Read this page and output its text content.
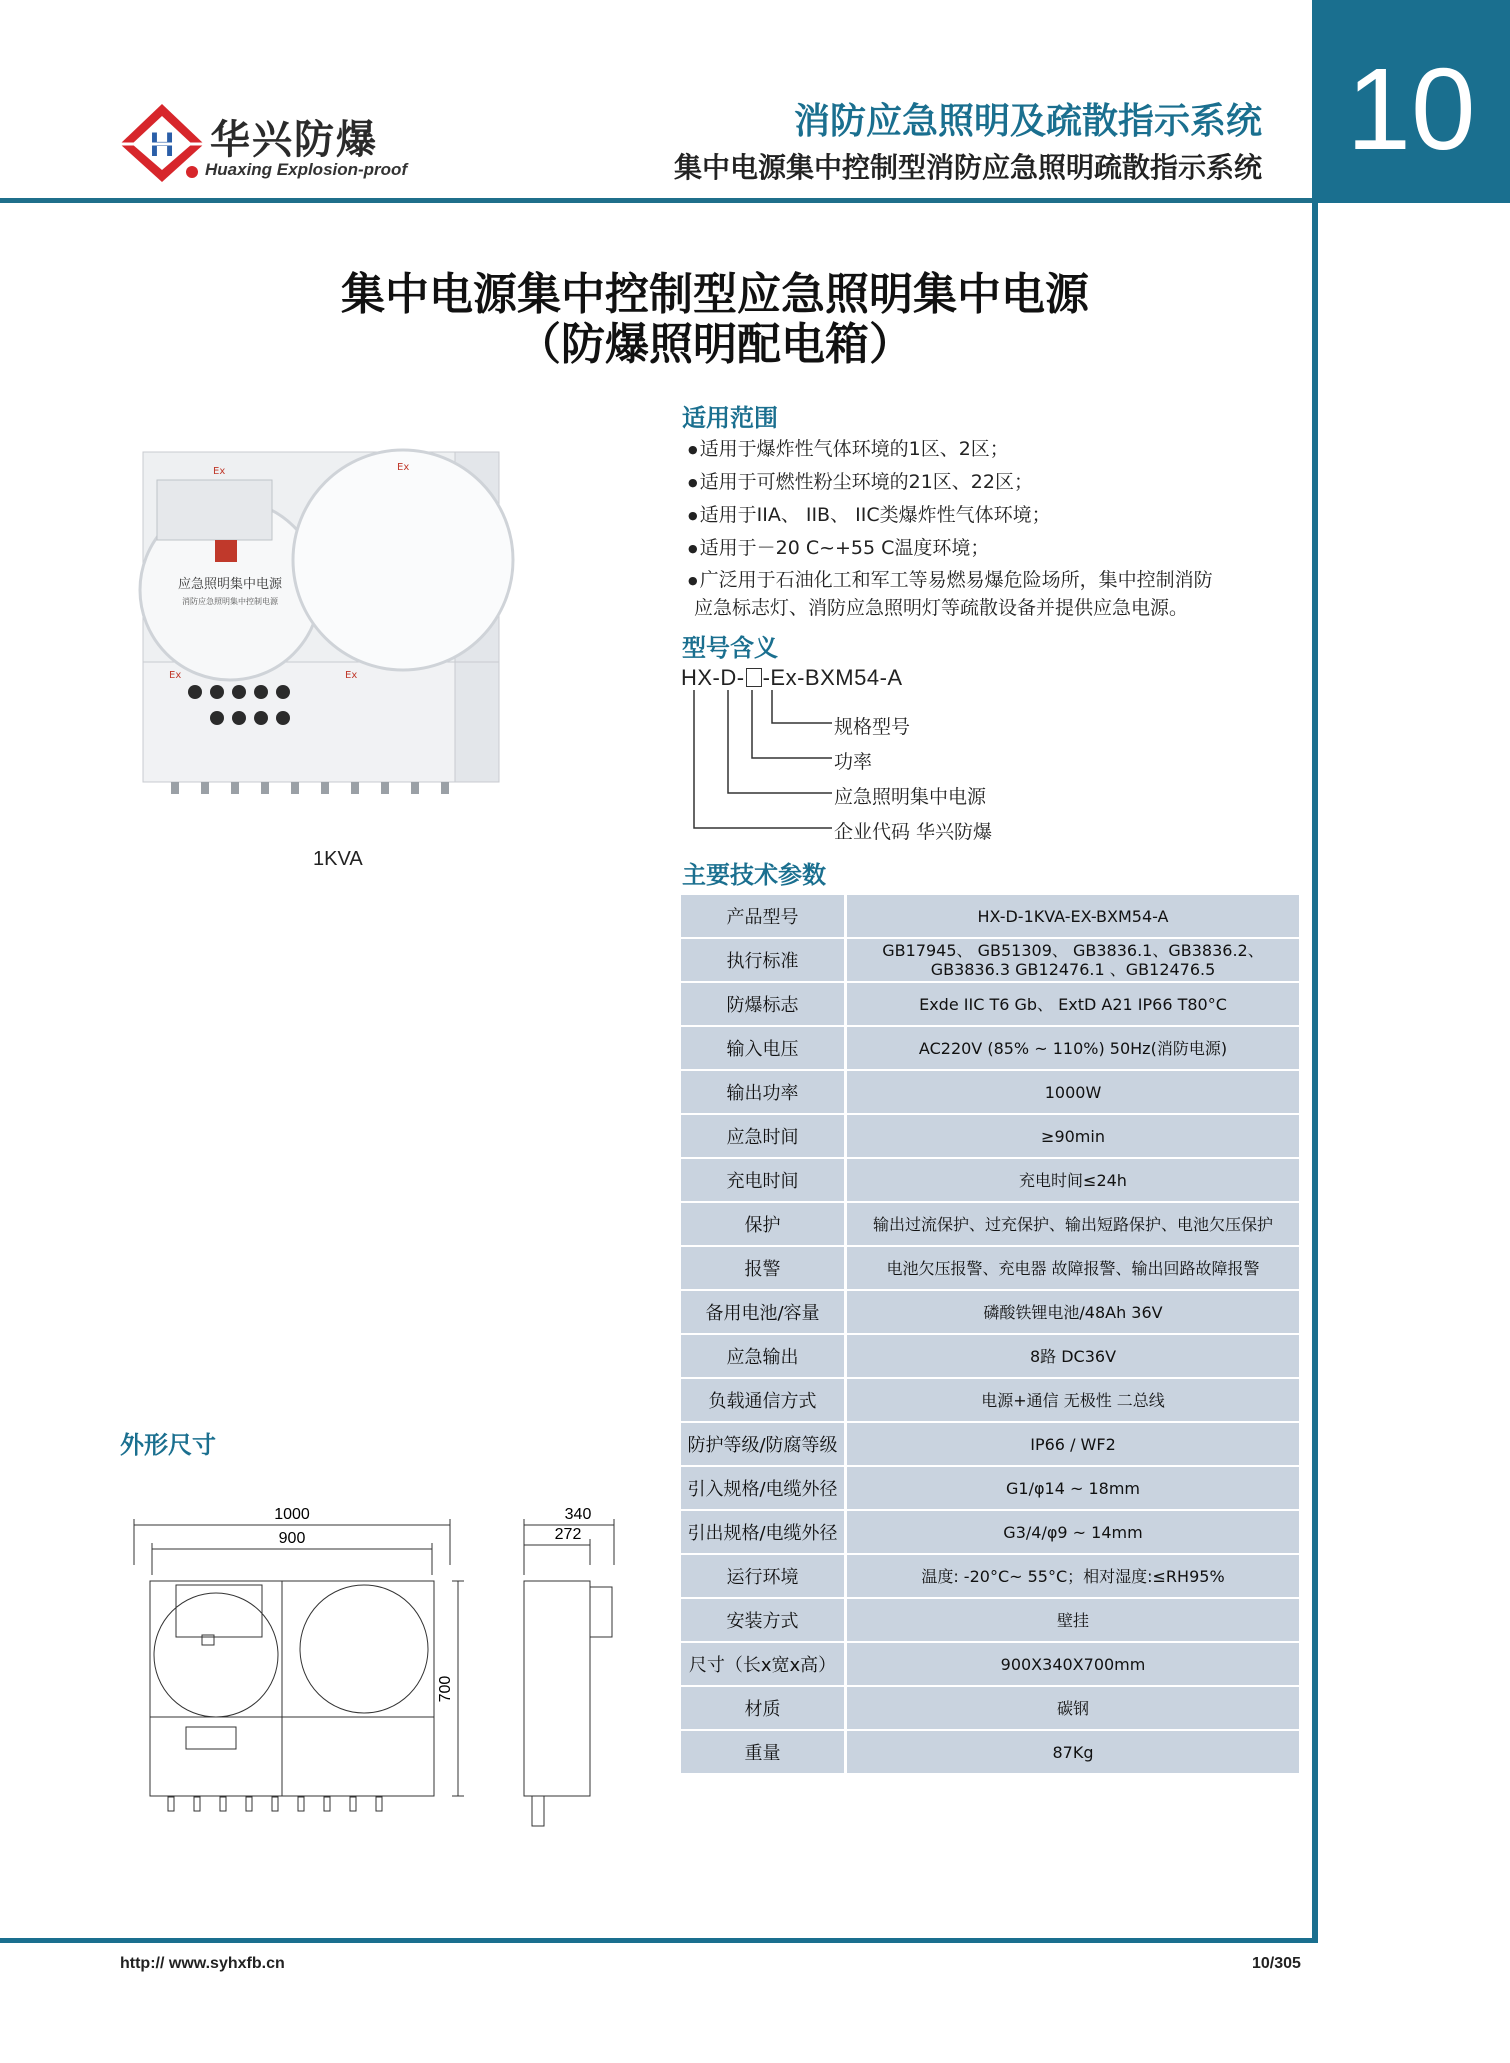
10
H 华兴防爆
Huaxing Explosion-proof
消防应急照明及疏散指示系统
集中电源集中控制型消防应急照明疏散指示系统
集中电源集中控制型应急照明集中电源
（防爆照明配电箱）
应急照明集中电源
消防应急照明集中控制电源
Ex	Ex
Ex	Ex
1KVA
适用范围
● 适用于爆炸性气体环境的1区、2区；
● 适用于可燃性粉尘环境的21区、22区；
● 适用于IIA、 IIB、 IIC类爆炸性气体环境；
● 适用于－20 C~+55 C温度环境；
● 广泛用于石油化工和军工等易燃易爆危险场所，集中控制消防
应急标志灯、消防应急照明灯等疏散设备并提供应急电源。
型号含义
HX-D- -Ex-BXM54-A
规格型号
功率
应急照明集中电源
企业代码 华兴防爆
主要技术参数
产品型号	HX-D-1KVA-EX-BXM54-A
执行标准	GB17945、 GB51309、 GB3836.1、GB3836.2、 GB3836.3 GB12476.1 、GB12476.5
防爆标志	Exde IIC T6 Gb、 ExtD A21 IP66 T80°C
输入电压	AC220V (85% ~ 110%) 50Hz(消防电源)
输出功率	1000W
应急时间	≥90min
充电时间	充电时间≤24h
保护	输出过流保护、过充保护、输出短路保护、电池欠压保护
报警	电池欠压报警、充电器 故障报警、输出回路故障报警
备用电池/容量	磷酸铁锂电池/48Ah 36V
应急输出	8路 DC36V
负载通信方式	电源+通信 无极性 二总线
防护等级/防腐等级	IP66 / WF2
引入规格/电缆外径	G1/φ14 ~ 18mm
引出规格/电缆外径	G3/4/φ9 ~ 14mm
运行环境	温度: -20°C~ 55°C；相对湿度:≤RH95%
安装方式	壁挂
尺寸（长x宽x高）	900X340X700mm
材质	碳钢
重量	87Kg
外形尺寸
1000
900
340
272
700
http:// www.syhxfb.cn	10/305
